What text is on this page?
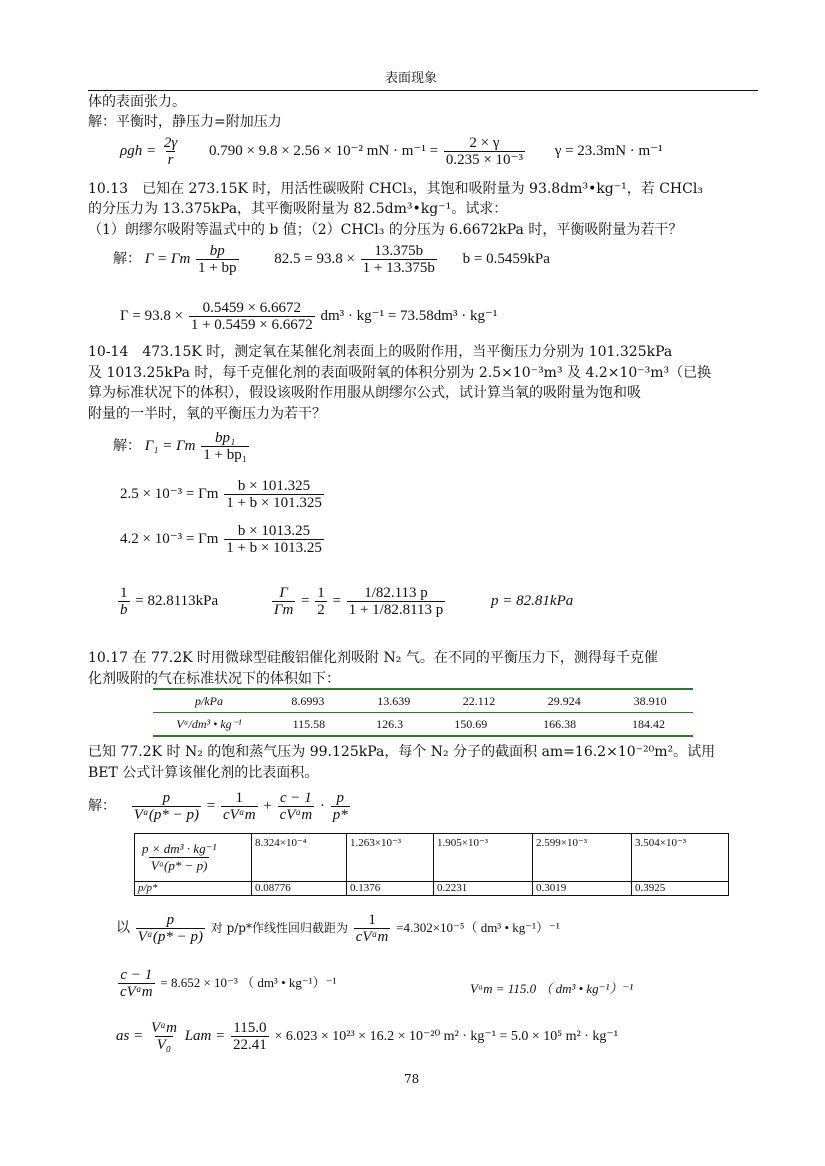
表面现象
体的表面张力。
解：平衡时，静压力=附加压力
$\rho gh = \frac{2\gamma}{r} 0.790 \times 9.8 \times 2.56 \times 10^{-2}$ mN · $m^{-1} = \frac{2 \times \gamma}{\text{0.235 × 10⁻³}}$ γ = 23.3mN · m⁻¹
10.13　已知在 273.15K 时，用活性碳吸附 CHCl₃，其饱和吸附量为 93.8dm³•kg⁻¹，若 CHCl₃
的分压力为 13.375kPa，其平衡吸附量为 82.5dm³•kg⁻¹。试求：
（1）朗缪尔吸附等温式中的 b 值；（2）CHCl₃ 的分压为 6.6672kPa 时，平衡吸附量为若干？
解： Γ = Γm $\frac{bp}{1 + bp} 82.5 = 93.8 \times \frac{13.375b}{1 + 13.375b}$ b = 0.5459kPa
$\Gamma = 93.8 \times \frac{0.5459 \times 6.6672}{1 + 0.5459 \times 6.6672} dm^3 \cdot kg^{-1} = 73.58dm^3 \cdot kg^{-1}$
10-14　473.15K 时，测定氧在某催化剂表面上的吸附作用，当平衡压力分别为 101.325kPa
及 1013.25kPa 时，每千克催化剂的表面吸附氧的体积分别为 2.5×10⁻³m³ 及 4.2×10⁻³m³（已换
算为标准状况下的体积），假设该吸附作用服从朗缪尔公式，试计算当氧的吸附量为饱和吸
附量的一半时，氧的平衡压力为若干？
解： Γ₁ = Γm $\frac{\text{bp₁}}{\text{1 + bp₁}}$
2.5 × 10⁻³ = Γm $\frac{b \times 101.325}{1 + b \times 101.325}$
4.2 × 10⁻³ = Γm $\frac{b \times 1013.25}{1 + b \times 1013.25}$
$\frac{1}{b} = 82.8113kPa$	$\frac{\Gamma}{\Gamma m} = \frac{1}{2} = \frac{1/82.113 p}{1 + 1/82.8113 p}$	p = 82.81kPa
10.17 在 77.2K 时用微球型硅酸铝催化剂吸附 N₂ 气。在不同的平衡压力下，测得每千克催
化剂吸附的气在标准状况下的体积如下：
p/kPa	8.6993	13.639	22.112	29.924	38.910
Vᵃ/dm³ • kg⁻¹	115.58	126.3	150.69	166.38	184.42
已知 77.2K 时 N₂ 的饱和蒸气压为 99.125kPa，每个 N₂ 分子的截面积 am=16.2×10⁻²⁰m²。试用
BET 公式计算该催化剂的比表面积。
解： $\frac{p}{\text{Vᵃ(p* − p)}} = \frac{1}{\text{cVᵃm}} + \frac{c - 1}{\text{cVᵃm}} \cdot \frac{p}{p*}$
$\frac{\text{p × dm³ · kg⁻¹}}{\text{Vᵃ(p* − p)}}$	8.324×10⁻⁴	1.263×10⁻³	1.905×10⁻³	2.599×10⁻³	3.504×10⁻³
p/p*	0.08776	0.1376	0.2231	0.3019	0.3925
以 $\frac{p}{\text{Vᵃ(p* − p)}}$ 对 p/p*作线性回归截距为 $\frac{1}{\text{cVᵃm}} =4.302\times 10^{-5}$（ dm³ • kg⁻¹）⁻¹
$\frac{c - 1}{\text{cVᵃm}} = 8.652 \times 10^{-3}$ （ dm³ • kg⁻¹）⁻¹	Vᵃm = 115.0 （ dm³ • kg⁻¹）⁻¹
as = $\frac{\text{Vᵃm}}{\text{V₀}}$ Lam = $\frac{115.0}{22.41} \times 6.023 \times 10^{23} \times 16.2 \times 10^{-20}$ m² · kg⁻¹ = 5.0 × 10⁵ m² · kg⁻¹
78
